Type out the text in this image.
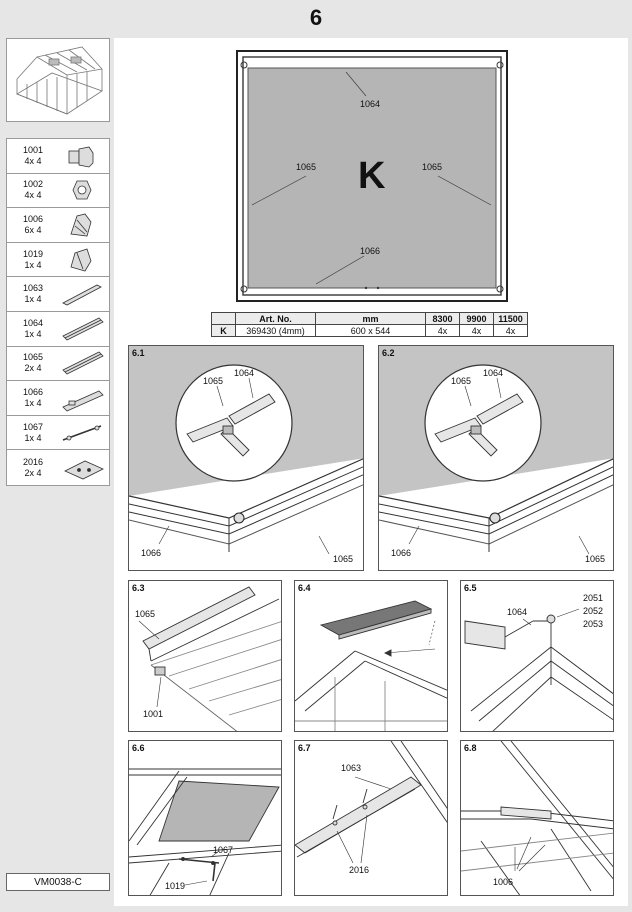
6
1001
4x 4
1002
4x 4
1006
6x 4
1019
1x 4
1063
1x 4
1064
1x 4
1065
2x 4
1066
1x 4
1067
1x 4
2016
2x 4
VM0038-C
K
1064
1065	1065
1066
	Art. No.	mm	8300	9900	11500
K	369430 (4mm)	600 x 544	4x	4x	4x
6.1
1065
1064
1066
1065
6.2
1065
1064
1066
1065
6.3
1065
1001
6.4	6.5
1064
2051
2052
2053
6.6
1067
1019
6.7
1063
2016
6.8
1006
